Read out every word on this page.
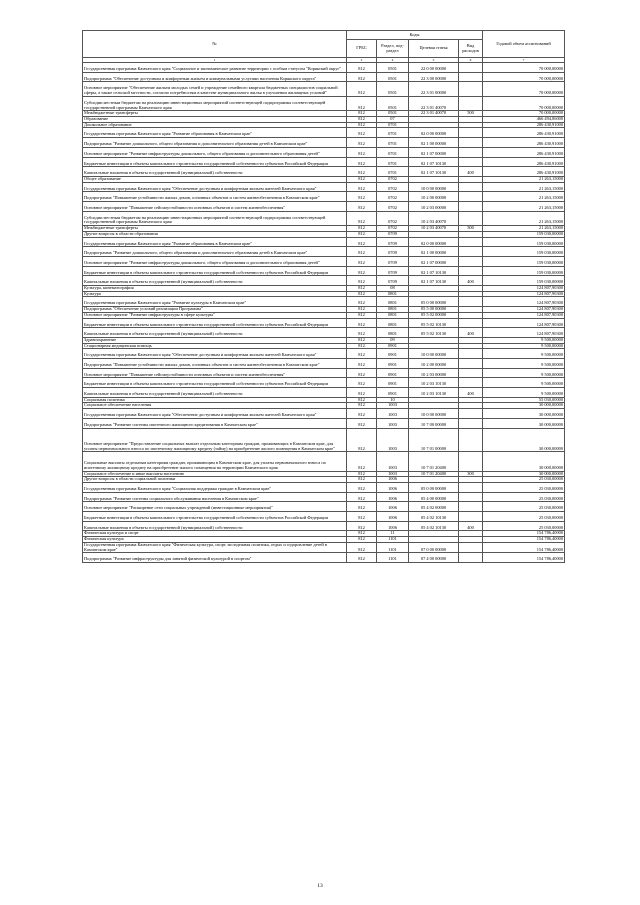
№	Коды				Годовой объем ассигнований
	ГРБС	Раздел, под-раздел	Целевая статья	Вид расходов	
1	3	4	5	6	7
Государственная программа Камчатского края "Социальное и экономическое развитие территории с особым статусом "Корякский округ"	812	0501	22 0 00 00000		70 000,00000
Подпрограмма "Обеспечение доступным и комфортным жильем и коммунальными услугами населения Корякского округа"	812	0501	22 3 00 00000		70 000,00000
Основное мероприятие "Обеспечение жильем молодых семей и учреждение семейного квартала бюджетных специалистов социальной сферы, а также сельской местности, согласно потребностям в качестве муниципального жилья в улучшении жилищных условий"	812	0501	22 3 01 00000		70 000,00000
Субсидии местным бюджетам на реализацию инвестиционных мероприятий соответствующей подпрограммы соответствующей государственной программы Камчатского края	812	0501	22 3 01 40070		70 000,00000
Межбюджетные трансферты	812	0501	22 3 01 40070	500	70 000,00000
Образование	812	07			466 494,06000
Дошкольное образование	812	0701			286 430,91000
Государственная программа Камчатского края "Развитие образования в Камчатском крае"	812	0701	02 0 00 00000		286 430,91000
Подпрограмма "Развитие дошкольного, общего образования и дополнительного образования детей в Камчатском крае"	812	0701	02 1 00 00000		286 430,91000
Основное мероприятие "Развитие инфраструктуры дошкольного, общего образования и дополнительного образования детей"	812	0701	02 1 07 00000		286 430,91000
Бюджетные инвестиции в объекты капитального строительства государственной собственности субъектов Российской Федерации	812	0701	02 1 07 10130		286 430,91000
Капитальные вложения в объекты государственной (муниципальной) собственности	812	0701	02 1 07 10130	400	286 430,91000
Общее образование	812	0702			21 263,15000
Государственная программа Камчатского края "Обеспечение доступным и комфортным жильем жителей Камчатского края"	812	0702	10 0 00 00000		21 263,15000
Подпрограмма "Повышение устойчивости жилых домов, основных объектов и систем жизнеобеспечения в Камчатском крае"	812	0702	10 2 00 00000		21 263,15000
Основное мероприятие "Повышение сейсмоустойчивости основных объектов и систем жизнеобеспечения"	812	0702	10 2 03 00000		21 263,15000
Субсидии местным бюджетам на реализацию инвестиционных мероприятий соответствующей подпрограммы соответствующей государственной программы Камчатского края	812	0702	10 2 03 40070		21 263,15000
Межбюджетные трансферты	812	0702	10 2 03 40070	500	21 263,15000
Другие вопросы в области образования	812	0709			159 030,00000
Государственная программа Камчатского края "Развитие образования в Камчатском крае"	812	0709	02 0 00 00000		159 030,00000
Подпрограмма "Развитие дошкольного, общего образования и дополнительного образования детей в Камчатском крае"	812	0709	02 1 00 00000		159 030,00000
Основное мероприятие "Развитие инфраструктуры дошкольного, общего образования и дополнительного образования детей"	812	0709	02 1 07 00000		159 030,00000
Бюджетные инвестиции в объекты капитального строительства государственной собственности субъектов Российской Федерации	812	0709	02 1 07 10130		159 030,00000
Капитальные вложения в объекты государственной (муниципальной) собственности	812	0709	02 1 07 10130	400	159 030,00000
Культура, кинематография	812	08			124 807,90300
Культура	812	0801			124 807,90300
Государственная программа Камчатского края "Развитие культуры в Камчатском крае"	812	0801	05 0 00 00000		124 807,90300
Подпрограмма "Обеспечение условий реализации Программы"	812	0801	05 5 00 00000		124 807,90300
Основное мероприятие "Развитие инфраструктуры в сфере культуры"	812	0801	05 5 02 00000		124 807,90300
Бюджетные инвестиции в объекты капитального строительства государственной собственности субъектов Российской Федерации	812	0801	05 5 02 10130		124 807,90300
Капитальные вложения в объекты государственной (муниципальной) собственности	812	0801	05 5 02 10130	400	124 807,90300
Здравоохранение	812	09			9 500,00000
Стационарная медицинская помощь	812	0901			9 500,00000
Государственная программа Камчатского края "Обеспечение доступным и комфортным жильем жителей Камчатского края"	812	0901	10 0 00 00000		9 500,00000
Подпрограмма "Повышение устойчивости жилых домов, основных объектов и систем жизнеобеспечения в Камчатском крае"	812	0901	10 2 00 00000		9 500,00000
Основное мероприятие "Повышение сейсмоустойчивости основных объектов и систем жизнеобеспечения"	812	0901	10 2 03 00000		9 500,00000
Бюджетные инвестиции в объекты капитального строительства государственной собственности субъектов Российской Федерации	812	0901	10 2 03 10130		9 500,00000
Капитальные вложения в объекты государственной (муниципальной) собственности	812	0901	10 2 03 10130	400	9 500,00000
Социальная политика	812	10			55 030,00000
Социальное обеспечение населения	812	1003			30 000,00000
Государственная программа Камчатского края "Обеспечение доступным и комфортным жильем жителей Камчатского края"	812	1003	10 0 00 00000		30 000,00000
Подпрограмма "Развитие системы ипотечного жилищного кредитования в Камчатском крае"	812	1003	10 7 00 00000		30 000,00000
Основное мероприятие "Предоставление социальных выплат отдельным категориям граждан, проживающих в Камчатском крае, для уплаты первоначального взноса по ипотечному жилищному кредиту (займу) на приобретение жилого помещения в Камчатском крае"	812	1003	10 7 01 00000		30 000,00000
Социальные выплаты отдельным категориям граждан, проживающим в Камчатском крае, для уплаты первоначального взноса по ипотечному жилищному кредиту на приобретение жилого помещения на территории Камчатского края	812	1003	10 7 01 20400		30 000,00000
Социальное обеспечение и иные выплаты населению	812	1003	10 7 01 20400	300	30 000,00000
Другие вопросы в области социальной политики	812	1006			25 030,00000
Государственная программа Камчатского края "Социальная поддержка граждан в Камчатском крае"	812	1006	05 0 00 00000		25 030,00000
Подпрограмма "Развитие системы социального обслуживания населения в Камчатском крае"	812	1006	05 4 00 00000		25 030,00000
Основное мероприятие "Расширение сети социальных учреждений (инвестиционные мероприятия)"	812	1006	05 4 02 00000		25 030,00000
Бюджетные инвестиции в объекты капитального строительства государственной собственности субъектов Российской Федерации	812	1006	05 4 02 10130		25 030,00000
Капитальные вложения в объекты государственной (муниципальной) собственности	812	1006	05 4 02 10130	400	25 030,00000
Физическая культура и спорт	812	11			154 786,40000
Физическая культура	812	1101			154 786,40000
Государственная программа Камчатского края "Физическая культура, спорт, молодежная политика, отдых и оздоровление детей в Камчатском крае"	812	1101	07 0 00 00000		154 786,40000
Подпрограмма "Развитие инфраструктуры для занятий физической культурой в спортом"	812	1101	07 4 00 00000		154 786,40000
13
